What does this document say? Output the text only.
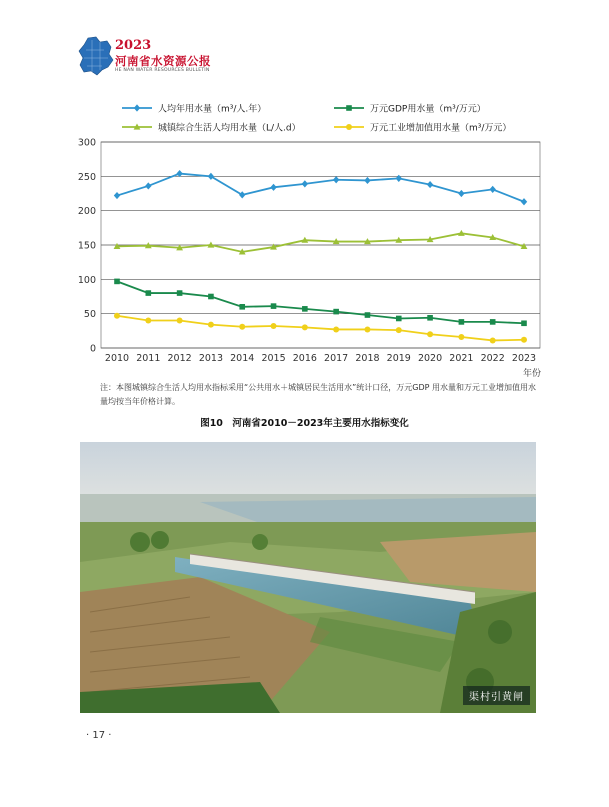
2023
河南省水资源公报
HE NAN WATER RESOURCES BULLETIN
人均年用水量（m³/人.年）	万元GDP用水量（m³/万元）
城镇综合生活人均用水量（L/人.d）	万元工业增加值用水量（m³/万元）
0
50
100
150
200
250
300
2010 2011 2012 2013 2014 2015 2016 2017 2018 2019 2020 2021 2022 2023
年份
注：本图城镇综合生活人均用水指标采用“公共用水＋城镇居民生活用水”统计口径，万元GDP 用水量和万元工业增加值用水量均按当年价格计算。
图10　河南省2010－2023年主要用水指标变化
渠村引黄闸
· 17 ·
